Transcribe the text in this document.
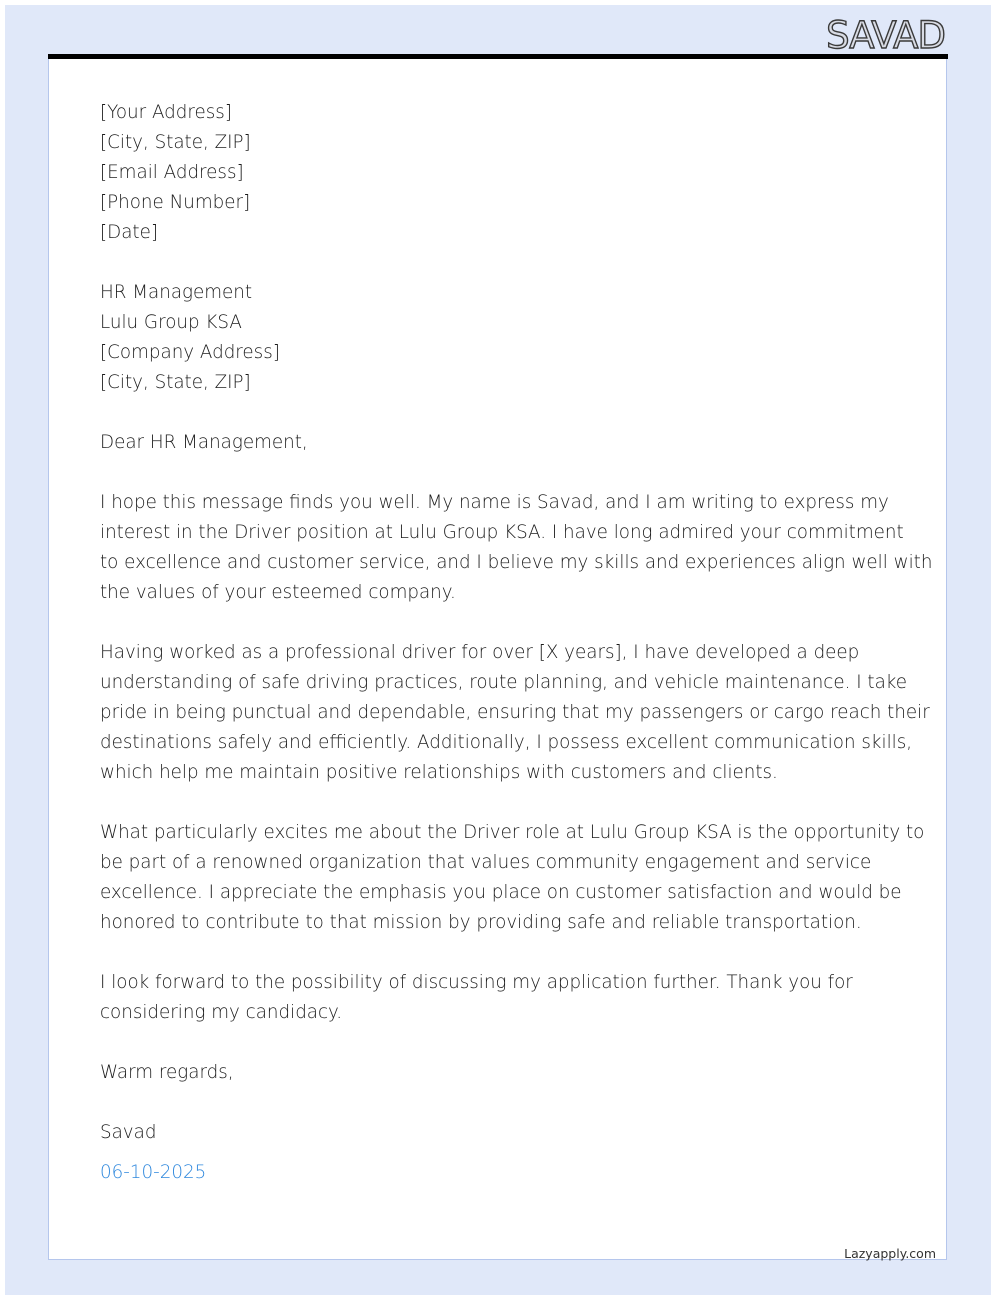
SAVAD
[Your Address]
[City, State, ZIP]
[Email Address]
[Phone Number]
[Date]
HR Management
Lulu Group KSA
[Company Address]
[City, State, ZIP]
Dear HR Management,
I hope this message finds you well. My name is Savad, and I am writing to express my
interest in the Driver position at Lulu Group KSA. I have long admired your commitment
to excellence and customer service, and I believe my skills and experiences align well with
the values of your esteemed company.
Having worked as a professional driver for over [X years], I have developed a deep
understanding of safe driving practices, route planning, and vehicle maintenance. I take
pride in being punctual and dependable, ensuring that my passengers or cargo reach their
destinations safely and efficiently. Additionally, I possess excellent communication skills,
which help me maintain positive relationships with customers and clients.
What particularly excites me about the Driver role at Lulu Group KSA is the opportunity to
be part of a renowned organization that values community engagement and service
excellence. I appreciate the emphasis you place on customer satisfaction and would be
honored to contribute to that mission by providing safe and reliable transportation.
I look forward to the possibility of discussing my application further. Thank you for
considering my candidacy.
Warm regards,
Savad
06-10-2025
Lazyapply.com
